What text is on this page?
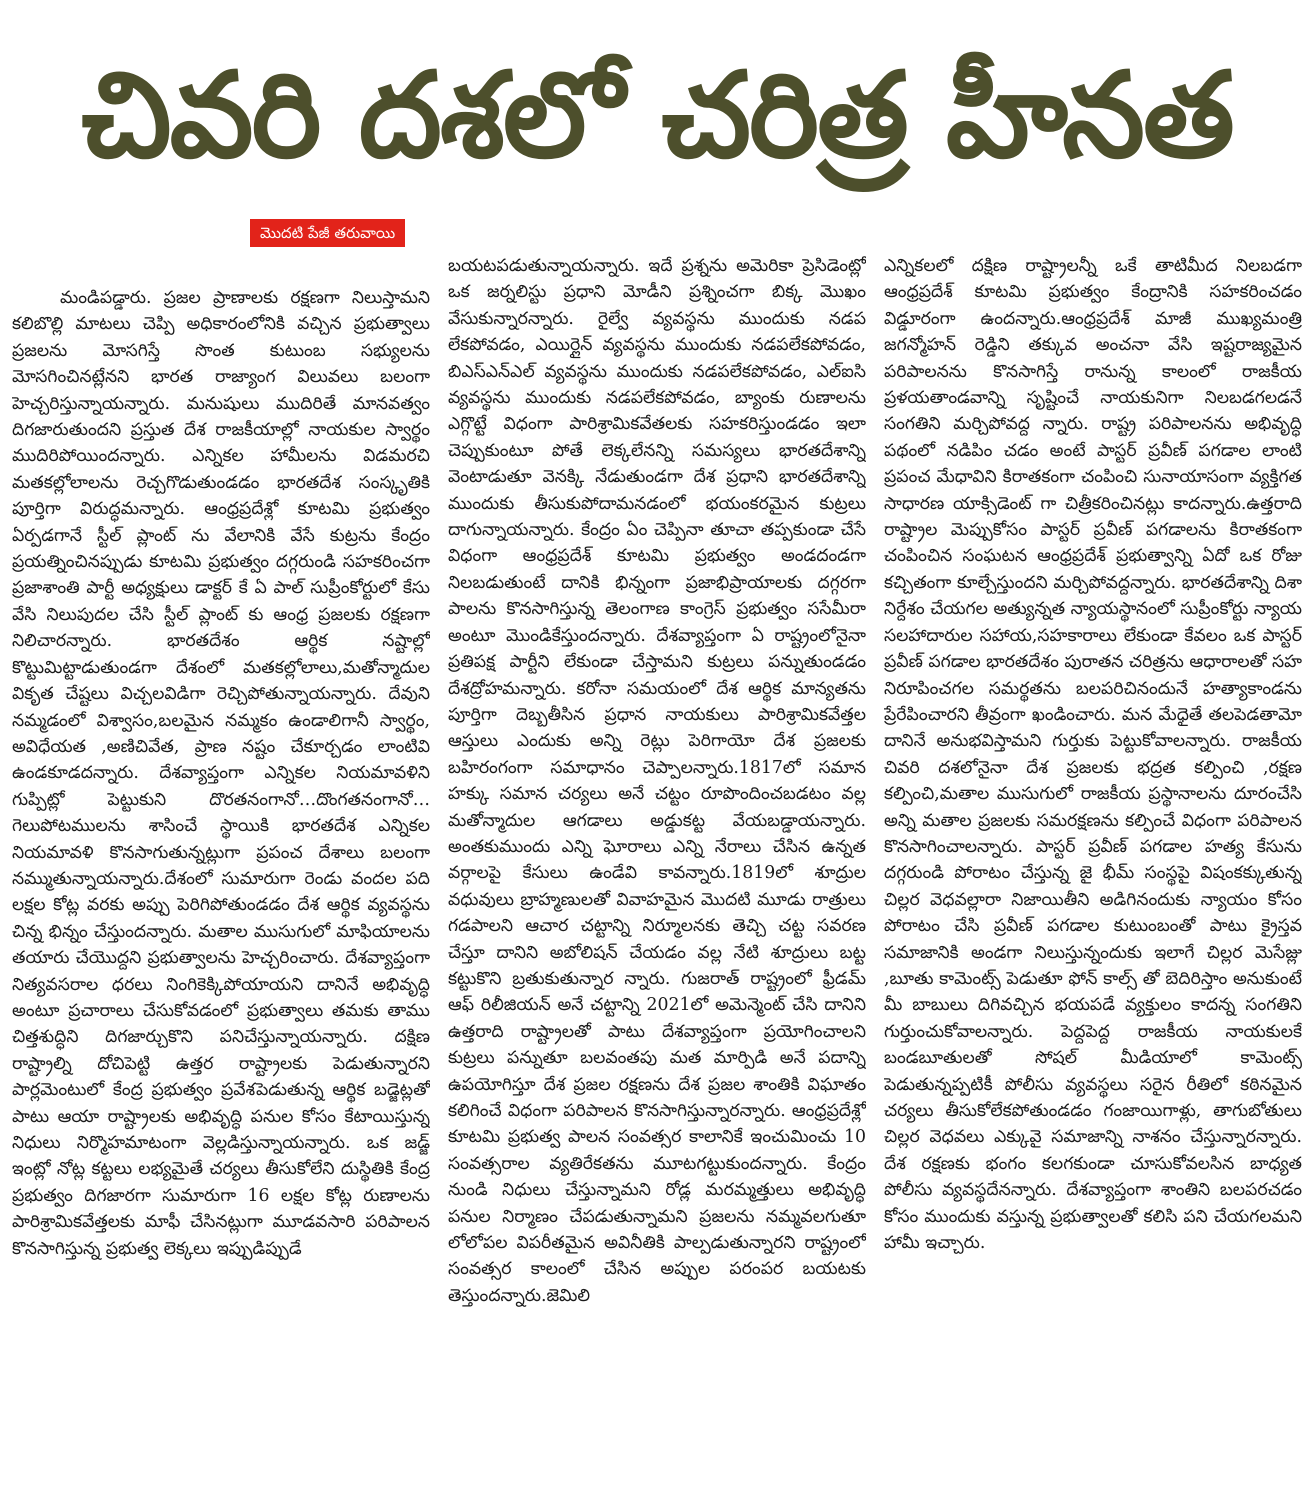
చివరి దశలో చరిత్ర హీనత
మొదటి పేజీ తరువాయి

మండిపడ్డారు. ప్రజల ప్రాణాలకు రక్షణగా నిలుస్తామని కలిబొల్లి మాటలు చెప్పి అధికారంలోనికి వచ్చిన ప్రభుత్వాలు ప్రజలను మోసగిస్తే సొంత కుటుంబ సభ్యులను మోసగించినట్లేనని భారత రాజ్యాంగ విలువలు బలంగా హెచ్చరిస్తున్నాయన్నారు. మనుషులు ముదిరితే మానవత్వం దిగజారుతుందని ప్రస్తుత దేశ రాజకీయాల్లో నాయకుల స్వార్థం ముదిరిపోయిందన్నారు. ఎన్నికల హామీలను విడమరచి మతకల్లోలాలను రెచ్చగొడుతుండడం భారతదేశ సంస్కృతికి పూర్తిగా విరుద్ధమన్నారు. ఆంధ్రప్రదేశ్లో కూటమి ప్రభుత్వం ఏర్పడగానే స్టీల్ ప్లాంట్ ను వేలానికి వేసే కుట్రను కేంద్రం ప్రయత్నించినప్పుడు కూటమి ప్రభుత్వం దగ్గరుండి సహకరించగా ప్రజాశాంతి పార్టీ అధ్యక్షులు డాక్టర్ కే ఏ పాల్ సుప్రీంకోర్టులో కేసు వేసి నిలుపుదల చేసి స్టీల్ ప్లాంట్ కు ఆంధ్ర ప్రజలకు రక్షణగా నిలిచారన్నారు. భారతదేశం ఆర్థిక నష్టాల్లో కొట్టుమిట్టాడుతుండగా దేశంలో మతకల్లోలాలు,మతోన్మాదుల వికృత చేష్టలు విచ్చలవిడిగా రెచ్చిపోతున్నాయన్నారు. దేవుని నమ్మడంలో విశ్వాసం,బలమైన నమ్మకం ఉండాలిగానీ స్వార్థం, అవిధేయత ,అణిచివేత, ప్రాణ నష్టం చేకూర్చడం లాంటివి ఉండకూడదన్నారు. దేశవ్యాప్తంగా ఎన్నికల నియమావళిని గుప్పిట్లో పెట్టుకుని దొరతనంగానో…దొంగతనంగానో… గెలుపోటములను శాసించే స్థాయికి భారతదేశ ఎన్నికల నియమావళి కొనసాగుతున్నట్లుగా ప్రపంచ దేశాలు బలంగా నమ్ముతున్నాయన్నారు.దేశంలో సుమారుగా రెండు వందల పది లక్షల కోట్ల వరకు అప్పు పెరిగిపోతుండడం దేశ ఆర్థిక వ్యవస్థను చిన్న భిన్నం చేస్తుందన్నారు. మతాల ముసుగులో మాఫియాలను తయారు చేయొద్దని ప్రభుత్వాలను హెచ్చరించారు. దేశవ్యాప్తంగా నిత్యవసరాల ధరలు నింగికెక్కిపోయాయని దానినే అభివృద్ధి అంటూ ప్రచారాలు చేసుకోవడంలో ప్రభుత్వాలు తమకు తాము చిత్తశుద్ధిని దిగజార్చుకొని పనిచేస్తున్నాయన్నారు. దక్షిణ రాష్ట్రాల్ని దోచిపెట్టి ఉత్తర రాష్ట్రాలకు పెడుతున్నారని పార్లమెంటులో కేంద్ర ప్రభుత్వం ప్రవేశపెడుతున్న ఆర్థిక బడ్జెట్లతో పాటు ఆయా రాష్ట్రాలకు అభివృద్ధి పనుల కోసం కేటాయిస్తున్న నిధులు నిర్మొహమాటంగా వెల్లడిస్తున్నాయన్నారు. ఒక జడ్జ్ ఇంట్లో నోట్ల కట్టలు లభ్యమైతే చర్యలు తీసుకోలేని దుస్థితికి కేంద్ర ప్రభుత్వం దిగజారగా సుమారుగా 16 లక్షల కోట్ల రుణాలను పారిశ్రామికవేత్తలకు మాఫీ చేసినట్లుగా మూడవసారి పరిపాలన కొనసాగిస్తున్న ప్రభుత్వ లెక్కలు ఇప్పుడిప్పుడే

బయటపడుతున్నాయన్నారు. ఇదే ప్రశ్నను అమెరికా ప్రెసిడెంట్లో ఒక జర్నలిస్టు ప్రధాని మోడీని ప్రశ్నించగా బిక్క మొఖం వేసుకున్నారన్నారు. రైల్వే వ్యవస్థను ముందుకు నడప లేకపోవడం, ఎయిర్లైన్ వ్యవస్థను ముందుకు నడపలేకపోవడం, బిఎస్ఎన్ఎల్ వ్యవస్థను ముందుకు నడపలేకపోవడం, ఎల్ఐసి వ్యవస్థను ముందుకు నడపలేకపోవడం, బ్యాంకు రుణాలను ఎగ్గొట్టే విధంగా పారిశ్రామికవేతలకు సహకరిస్తుండడం ఇలా చెప్పుకుంటూ పోతే లెక్కలేనన్ని సమస్యలు భారతదేశాన్ని వెంటాడుతూ వెనక్కి నేడుతుండగా దేశ ప్రధాని భారతదేశాన్ని ముందుకు తీసుకుపోదామనడంలో భయంకరమైన కుట్రలు దాగున్నాయన్నారు. కేంద్రం ఏం చెప్పినా తూచా తప్పకుండా చేసే విధంగా ఆంధ్రప్రదేశ్ కూటమి ప్రభుత్వం అండదండగా నిలబడుతుంటే దానికి భిన్నంగా ప్రజాభిప్రాయాలకు దగ్గరగా పాలను కొనసాగిస్తున్న తెలంగాణ కాంగ్రెస్ ప్రభుత్వం ససేమీరా అంటూ మొండికేస్తుందన్నారు. దేశవ్యాప్తంగా ఏ రాష్ట్రంలోనైనా ప్రతిపక్ష పార్టీని లేకుండా చేస్తామని కుట్రలు పన్నుతుండడం దేశద్రోహమన్నారు. కరోనా సమయంలో దేశ ఆర్థిక మాన్యతను పూర్తిగా దెబ్బతీసిన ప్రధాన నాయకులు పారిశ్రామికవేత్తల ఆస్తులు ఎందుకు అన్ని రెట్లు పెరిగాయో దేశ ప్రజలకు బహిరంగంగా సమాధానం చెప్పాలన్నారు.1817లో సమాన హక్కు సమాన చర్యలు అనే చట్టం రూపొందించబడటం వల్ల మతోన్మాదుల ఆగడాలు అడ్డుకట్ట వేయబడ్డాయన్నారు. అంతకుముందు ఎన్ని ఘోరాలు ఎన్ని నేరాలు చేసిన ఉన్నత వర్గాలపై కేసులు ఉండేవి కావన్నారు.1819లో శూద్రుల వధువులు బ్రాహ్మణులతో వివాహమైన మొదటి మూడు రాత్రులు గడపాలని ఆచార చట్టాన్ని నిర్మూలనకు తెచ్చి చట్ట సవరణ చేస్తూ దానిని అబోలిషన్ చేయడం వల్ల నేటి శూద్రులు బట్ట కట్టుకొని బ్రతుకుతున్నార న్నారు. గుజరాత్ రాష్ట్రంలో ఫ్రీడమ్ ఆఫ్ రిలీజియన్ అనే చట్టాన్ని 2021లో అమెన్మెంట్ చేసి దానిని ఉత్తరాది రాష్ట్రాలతో పాటు దేశవ్యాప్తంగా ప్రయోగించాలని కుట్రలు పన్నుతూ బలవంతపు మత మార్పిడి అనే పదాన్ని ఉపయోగిస్తూ దేశ ప్రజల రక్షణను దేశ ప్రజల శాంతికి విఘాతం కలిగించే విధంగా పరిపాలన కొనసాగిస్తున్నారన్నారు. ఆంధ్రప్రదేశ్లో కూటమి ప్రభుత్వ పాలన సంవత్సర కాలానికే ఇంచుమించు 10 సంవత్సరాల వ్యతిరేకతను మూటగట్టుకుందన్నారు. కేంద్రం నుండి నిధులు చేస్తున్నామని రోడ్ల మరమ్మత్తులు అభివృద్ధి పనుల నిర్మాణం చేపడుతున్నామని ప్రజలను నమ్మవలగుతూ లోలోపల విపరీతమైన అవినీతికి పాల్పడుతున్నారని రాష్ట్రంలో సంవత్సర కాలంలో చేసిన అప్పుల పరంపర బయటకు తెస్తుందన్నారు.జెమిలి

ఎన్నికలలో దక్షిణ రాష్ట్రాలన్నీ ఒకే తాటిమీద నిలబడగా ఆంధ్రప్రదేశ్ కూటమి ప్రభుత్వం కేంద్రానికి సహకరించడం విడ్డూరంగా ఉందన్నారు.ఆంధ్రప్రదేశ్ మాజీ ముఖ్యమంత్రి జగన్మోహన్ రెడ్డిని తక్కువ అంచనా వేసి ఇష్టరాజ్యమైన పరిపాలనను కొనసాగిస్తే రానున్న కాలంలో రాజకీయ ప్రళయతాండవాన్ని సృష్టించే నాయకునిగా నిలబడగలడనే సంగతిని మర్చిపోవద్ద న్నారు. రాష్ట్ర పరిపాలనను అభివృద్ధి పథంలో నడిపిం చడం అంటే పాస్టర్ ప్రవీణ్ పగడాల లాంటి ప్రపంచ మేధావిని కిరాతకంగా చంపించి సునాయాసంగా వ్యక్తిగత సాధారణ యాక్సిడెంట్ గా చిత్రీకరించినట్లు కాదన్నారు.ఉత్తరాది రాష్ట్రాల మెప్పుకోసం పాస్టర్ ప్రవీణ్ పగడాలను కిరాతకంగా చంపించిన సంఘటన ఆంధ్రప్రదేశ్ ప్రభుత్వాన్ని ఏదో ఒక రోజు కచ్చితంగా కూల్చేస్తుందని మర్చిపోవద్దన్నారు. భారతదేశాన్ని దిశా నిర్దేశం చేయగల అత్యున్నత న్యాయస్థానంలో సుప్రీంకోర్టు న్యాయ సలహాదారుల సహాయ,సహకారాలు లేకుండా కేవలం ఒక పాస్టర్ ప్రవీణ్ పగడాల భారతదేశం పురాతన చరిత్రను ఆధారాలతో సహ నిరూపించగల సమర్థతను బలపరిచినందునే హత్యాకాండను ప్రేరేపించారని తీవ్రంగా ఖండించారు. మన మేధైతే తలపెడతామో దానినే అనుభవిస్తామని గుర్తుకు పెట్టుకోవాలన్నారు. రాజకీయ చివరి దశలోనైనా దేశ ప్రజలకు భద్రత కల్పించి ,రక్షణ కల్పించి,మతాల ముసుగులో రాజకీయ ప్రస్థానాలను దూరంచేసి అన్ని మతాల ప్రజలకు సమరక్షణను కల్పించే విధంగా పరిపాలన కొనసాగించాలన్నారు. పాస్టర్ ప్రవీణ్ పగడాల హత్య కేసును దగ్గరుండి పోరాటం చేస్తున్న జై భీమ్ సంస్థపై విషంకక్కుతున్న చిల్లర వెధవల్లారా నిజాయితీని అడిగినందుకు న్యాయం కోసం పోరాటం చేసి ప్రవీణ్ పగడాల కుటుంబంతో పాటు క్రైస్తవ సమాజానికి అండగా నిలుస్తున్నందుకు ఇలాగే చిల్లర మెసేజ్లు ,బూతు కామెంట్స్ పెడుతూ ఫోన్ కాల్స్ తో బెదిరిస్తాం అనుకుంటే మీ బాబులు దిగివచ్చిన భయపడే వ్యక్తులం కాదన్న సంగతిని గుర్తుంచుకోవాలన్నారు. పెద్దపెద్ద రాజకీయ నాయకులకే బండబూతులతో సోషల్ మీడియాలో కామెంట్స్ పెడుతున్నప్పటికీ పోలీసు వ్యవస్థలు సరైన రీతిలో కఠినమైన చర్యలు తీసుకోలేకపోతుండడం గంజాయిగాళ్లు, తాగుబోతులు చిల్లర వెధవలు ఎక్కువై సమాజాన్ని నాశనం చేస్తున్నారన్నారు. దేశ రక్షణకు భంగం కలగకుండా చూసుకోవలసిన బాధ్యత పోలీసు వ్యవస్థదేనన్నారు. దేశవ్యాప్తంగా శాంతిని బలపరచడం కోసం ముందుకు వస్తున్న ప్రభుత్వాలతో కలిసి పని చేయగలమని హామీ ఇచ్చారు.
